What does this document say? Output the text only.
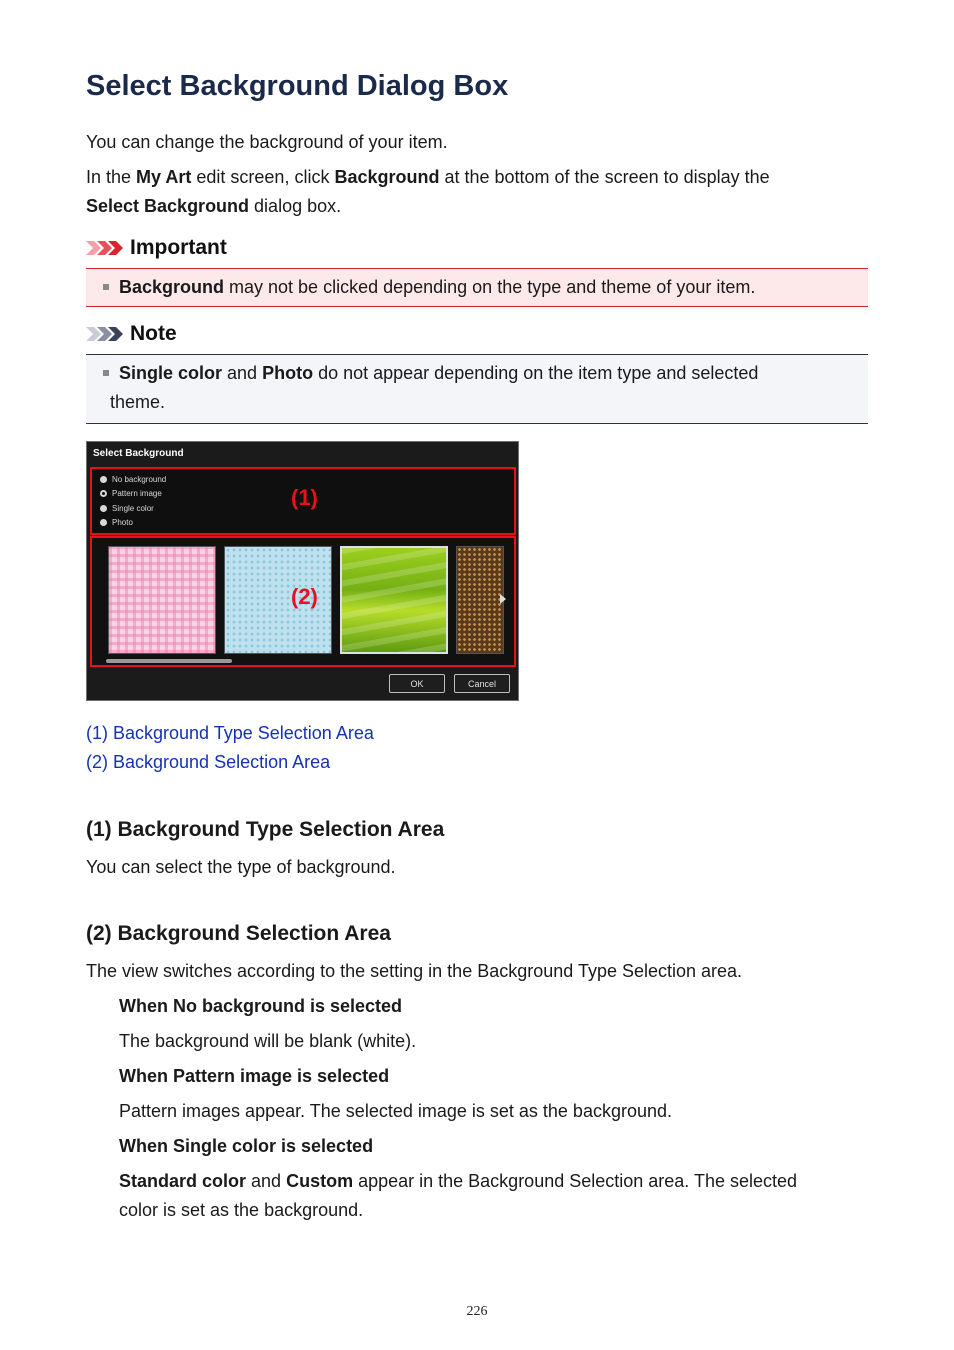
Select Background Dialog Box

You can change the background of your item.

In the My Art edit screen, click Background at the bottom of the screen to display the

Select Background dialog box.

Important
Background may not be clicked depending on the type and theme of your item.
Note
Single color and Photo do not appear depending on the item type and selected
theme.
Select Background
No background
Pattern image
Single color
Photo
(1)
(2)
OK	Cancel
(1) Background Type Selection Area
(2) Background Selection Area
(1) Background Type Selection Area

You can select the type of background.

(2) Background Selection Area

The view switches according to the setting in the Background Type Selection area.

When No background is selected

The background will be blank (white).

When Pattern image is selected

Pattern images appear. The selected image is set as the background.

When Single color is selected

Standard color and Custom appear in the Background Selection area. The selected

color is set as the background.

226
